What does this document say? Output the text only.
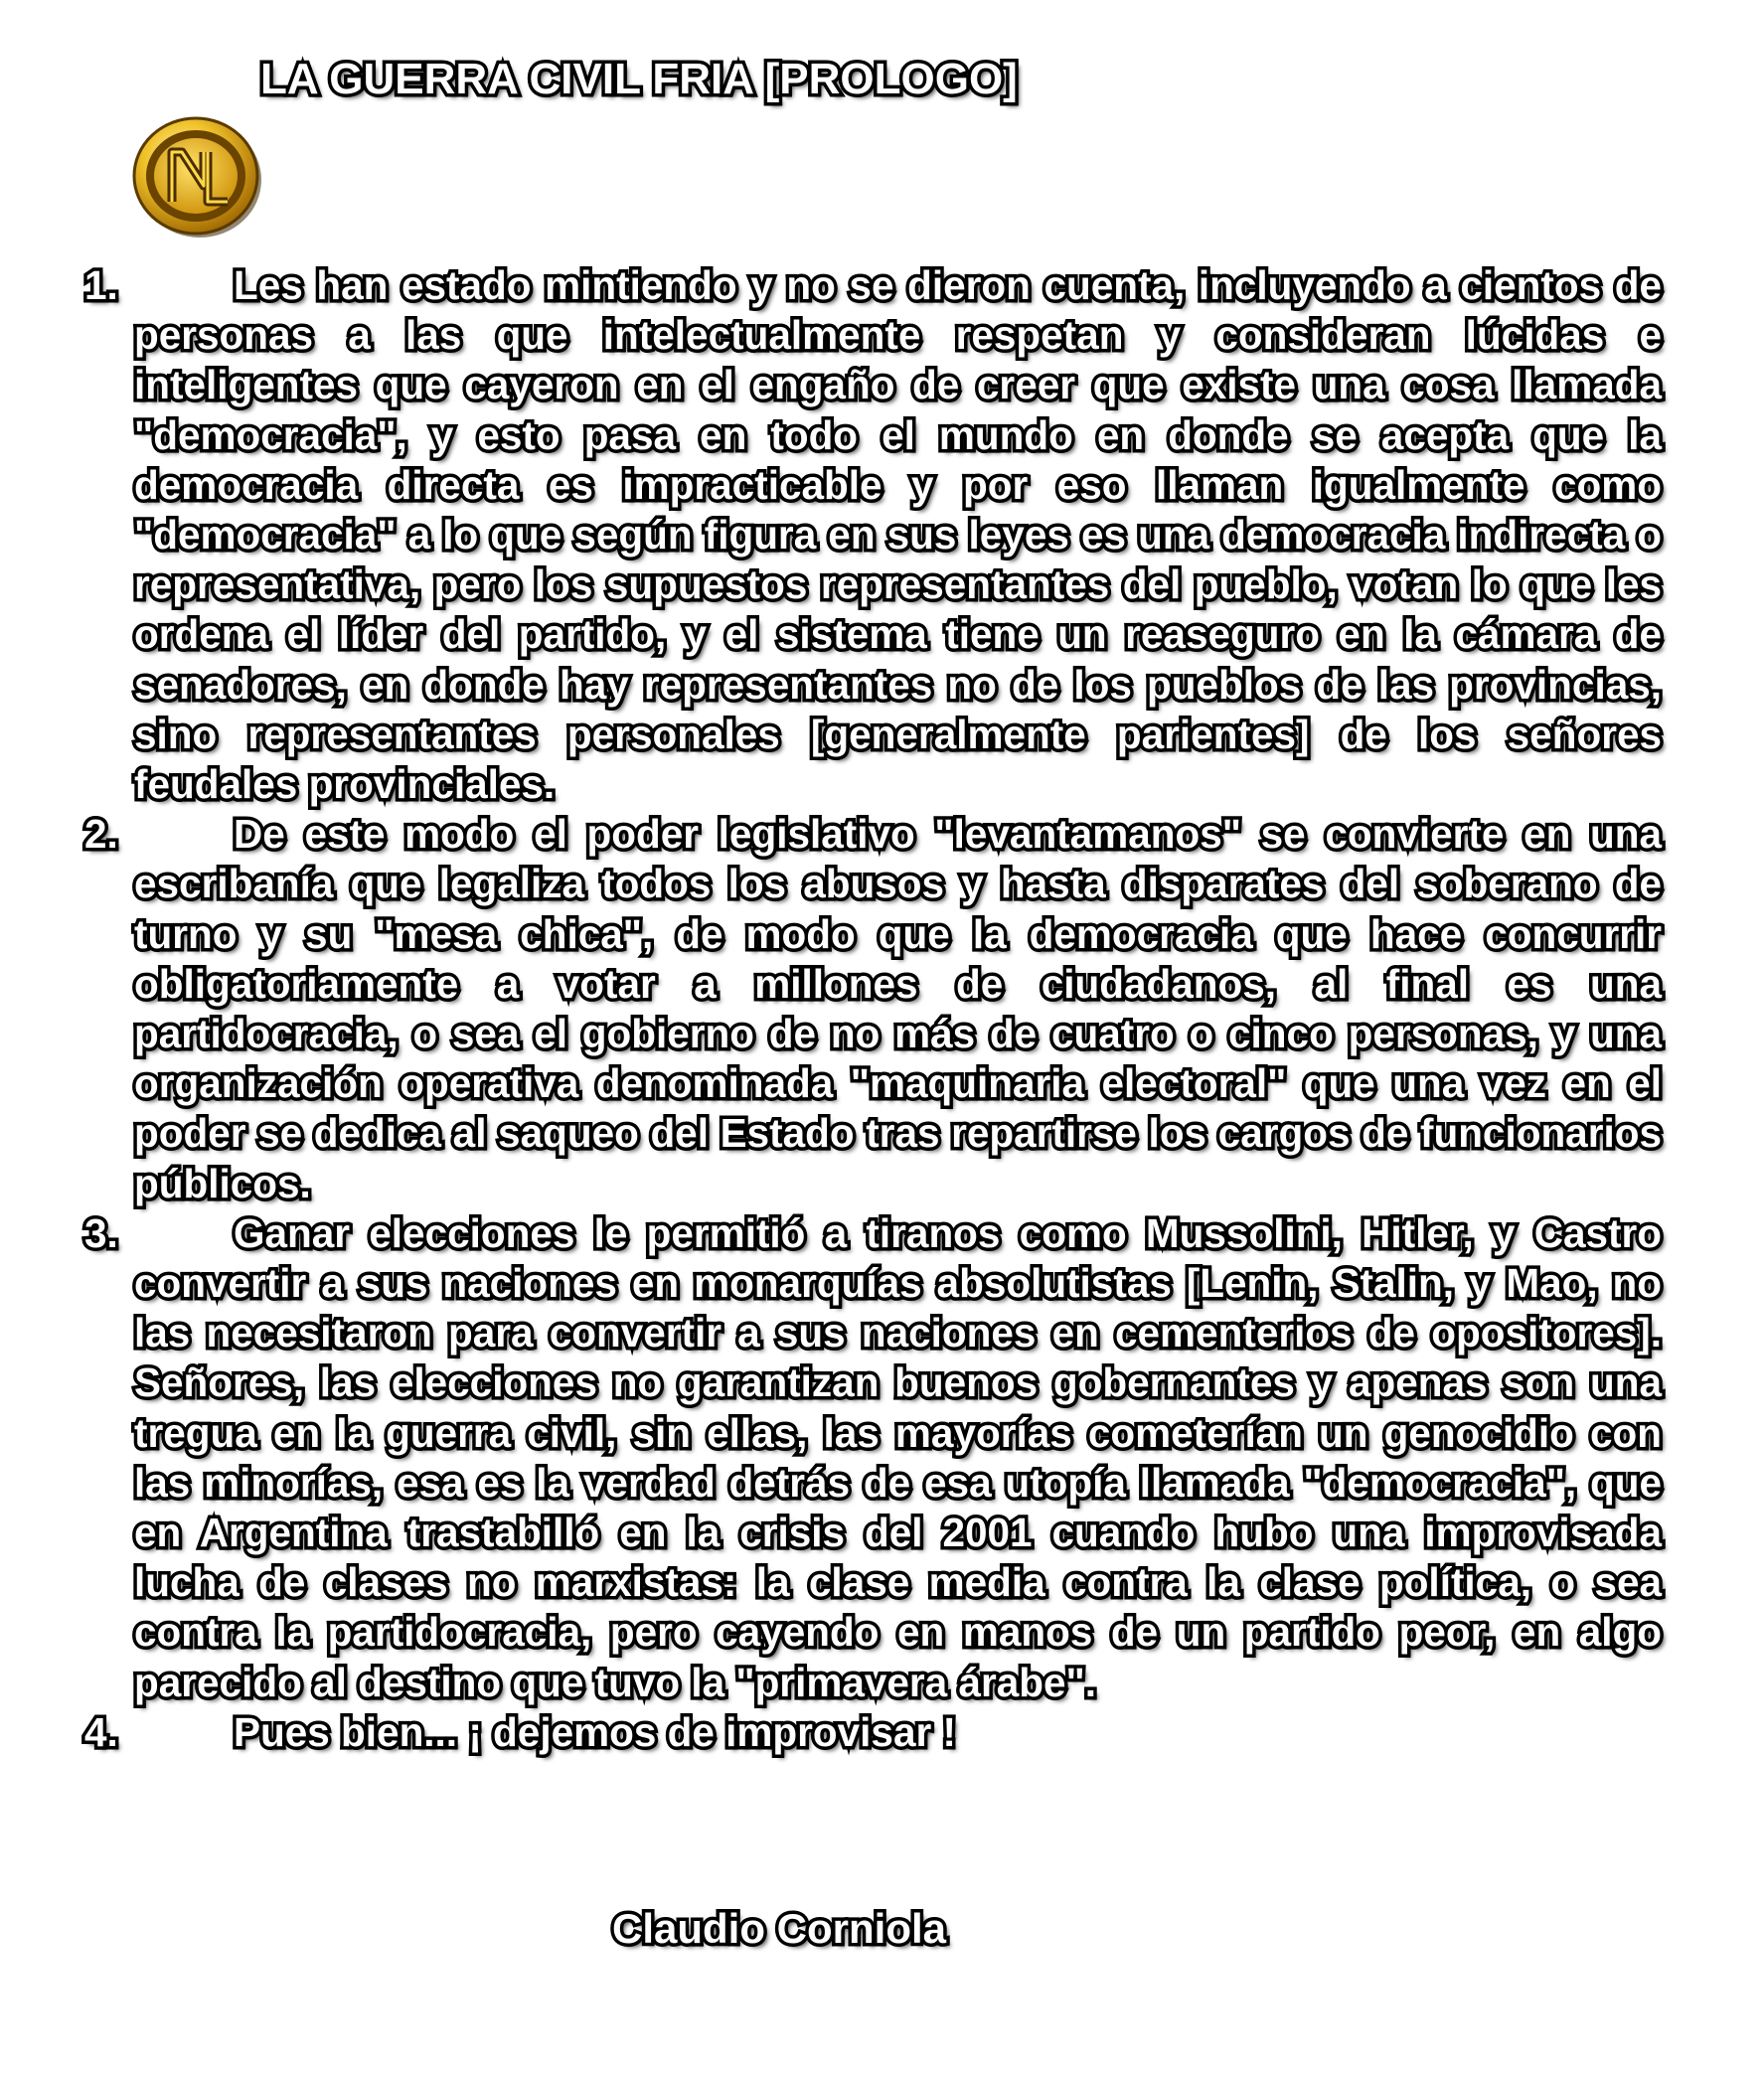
LA GUERRA CIVIL FRIA [PROLOGO]
1.	Les han estado mintiendo y no se dieron cuenta, incluyendo a cientos de personas a las que intelectualmente respetan y consideran lúcidas e inteligentes que cayeron en el engaño de creer que existe una cosa llamada "democracia", y esto pasa en todo el mundo en donde se acepta que la democracia directa es impracticable y por eso llaman igualmente como "democracia" a lo que según figura en sus leyes es una democracia indirecta o representativa, pero los supuestos representantes del pueblo, votan lo que les ordena el líder del partido, y el sistema tiene un reaseguro en la cámara de senadores, en donde hay representantes no de los pueblos de las provincias, sino representantes personales [generalmente parientes] de los señores feudales provinciales.
2.	De este modo el poder legislativo "levantamanos" se convierte en una escribanía que legaliza todos los abusos y hasta disparates del soberano de turno y su "mesa chica", de modo que la democracia que hace concurrir obligatoriamente a votar a millones de ciudadanos, al final es una partidocracia, o sea el gobierno de no más de cuatro o cinco personas, y una organización operativa denominada "maquinaria electoral" que una vez en el poder se dedica al saqueo del Estado tras repartirse los cargos de funcionarios públicos.
3.	Ganar elecciones le permitió a tiranos como Mussolini, Hitler, y Castro convertir a sus naciones en monarquías absolutistas [Lenin, Stalin, y Mao, no las necesitaron para convertir a sus naciones en cementerios de opositores]. Señores, las elecciones no garantizan buenos gobernantes y apenas son una tregua en la guerra civil, sin ellas, las mayorías cometerían un genocidio con las minorías, esa es la verdad detrás de esa utopía llamada "democracia", que en Argentina trastabilló en la crisis del 2001 cuando hubo una improvisada lucha de clases no marxistas: la clase media contra la clase política, o sea contra la partidocracia, pero cayendo en manos de un partido peor, en algo parecido al destino que tuvo la "primavera árabe".
4.	Pues bien... ¡ dejemos de improvisar !
Claudio Corniola
